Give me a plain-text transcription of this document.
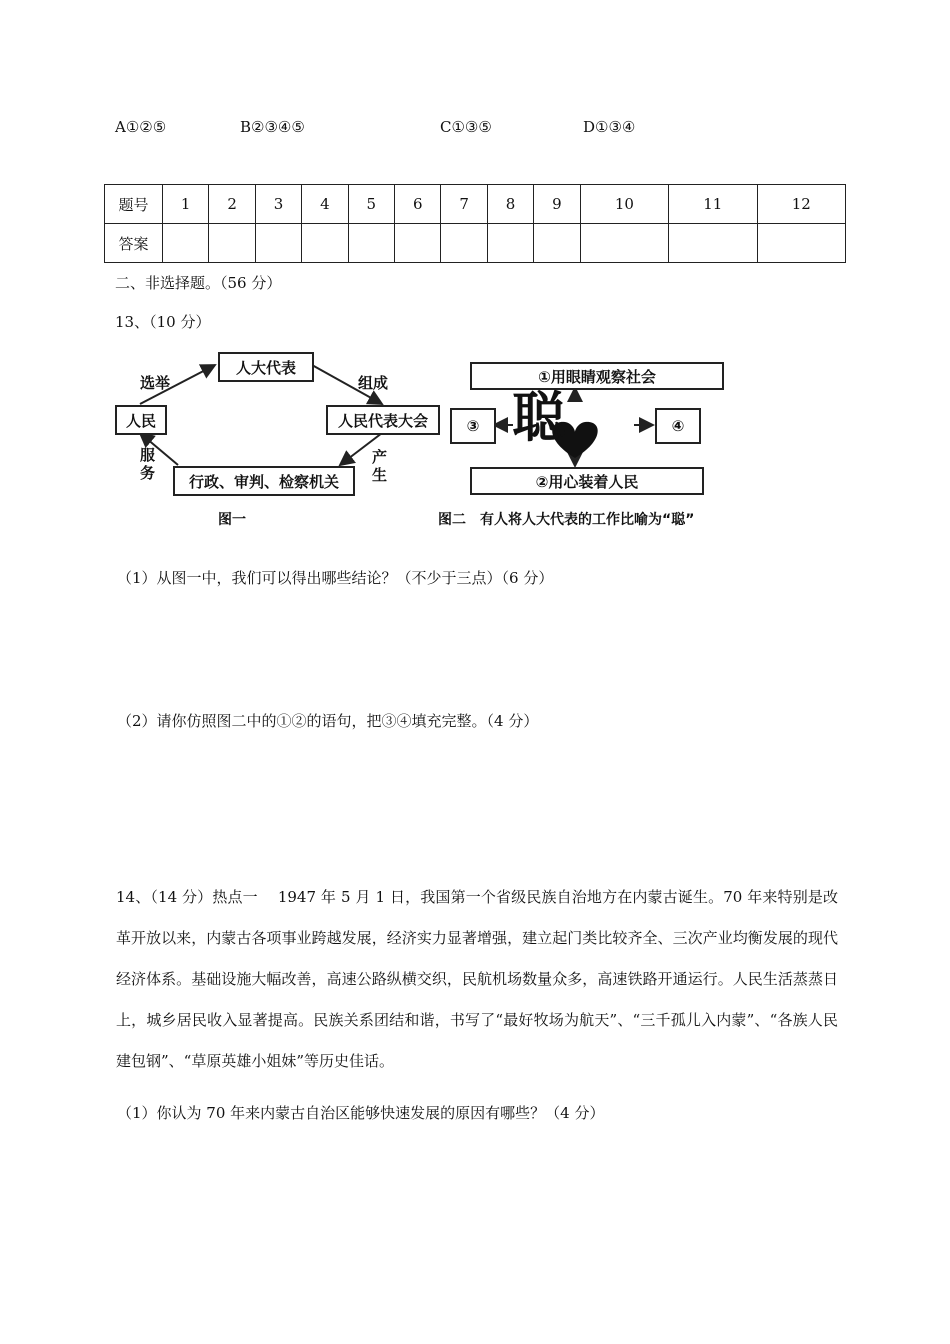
A①②⑤	B②③④⑤	C①③⑤	D①③④
题号	1	2	3	4	5	6	7	8	9	10	11	12
答案												
二、非选择题。（56 分）
13、（10 分）
人大代表
人民代表大会
行政、审判、检察机关
人民
选举	组成
产生
服务
图一
①用眼睛观察社会
②用心装着人民
③	④
聪
图二　有人将人大代表的工作比喻为“聪”
（1）从图一中，我们可以得出哪些结论？（不少于三点）（6 分）
（2）请你仿照图二中的①②的语句，把③④填充完整。（4 分）
14、（14 分）热点一　 1947 年 5 月 1 日，我国第一个省级民族自治地方在内蒙古诞生。70 年来特别是改革开放以来，内蒙古各项事业跨越发展，经济实力显著增强，建立起门类比较齐全、三次产业均衡发展的现代经济体系。基础设施大幅改善，高速公路纵横交织，民航机场数量众多，高速铁路开通运行。人民生活蒸蒸日上，城乡居民收入显著提高。民族关系团结和谐，书写了“最好牧场为航天”、“三千孤儿入内蒙”、“各族人民建包钢”、“草原英雄小姐妹”等历史佳话。
（1）你认为 70 年来内蒙古自治区能够快速发展的原因有哪些？（4 分）
